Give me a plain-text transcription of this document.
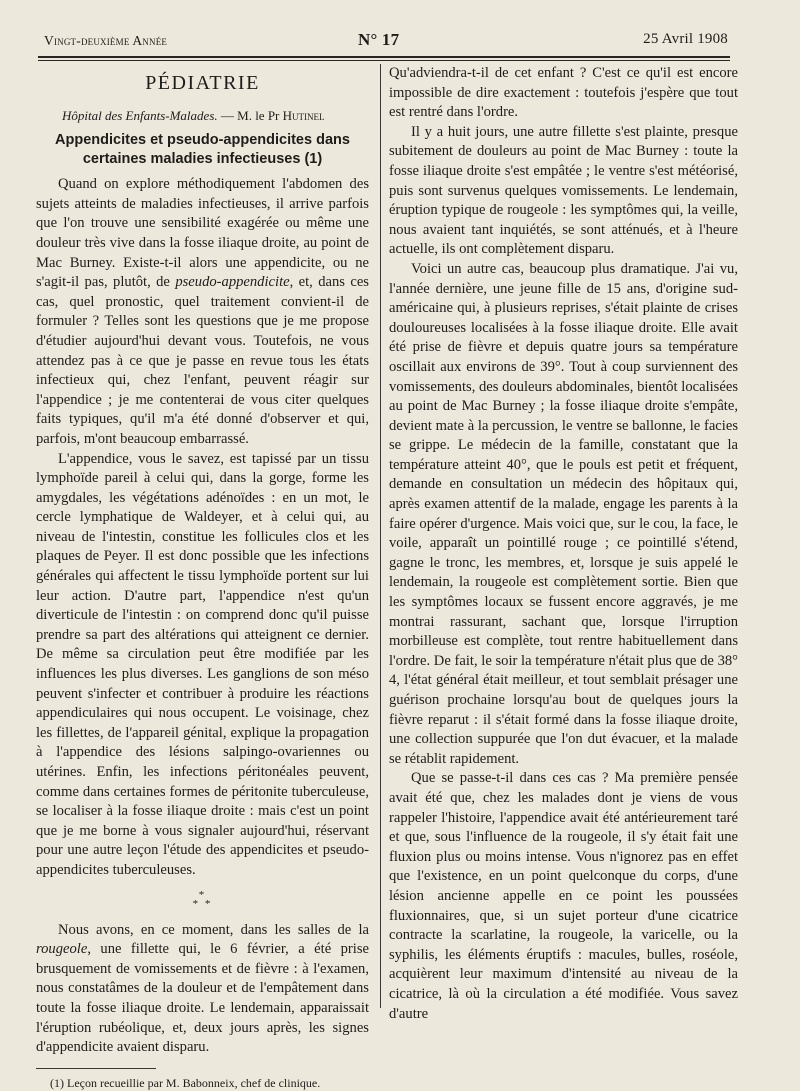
Vingt-deuxième Année	N° 17	25 Avril 1908
PÉDIATRIE
Hôpital des Enfants-Malades. — M. le Pr Hutinel
Appendicites et pseudo-appendicites dans certaines maladies infectieuses (1)

Quand on explore méthodiquement l'abdomen des sujets atteints de maladies infectieuses, il arrive parfois que l'on trouve une sensibilité exagérée ou même une douleur très vive dans la fosse iliaque droite, au point de Mac Burney. Existe-t-il alors une appendicite, ou ne s'agit-il pas, plutôt, de pseudo-appendicite, et, dans ces cas, quel pronostic, quel traitement convient-il de formuler ? Telles sont les questions que je me propose d'étudier aujourd'hui devant vous. Toutefois, ne vous attendez pas à ce que je passe en revue tous les états infectieux qui, chez l'enfant, peuvent réagir sur l'appendice ; je me contenterai de vous citer quelques faits typiques, qu'il m'a été donné d'observer et qui, parfois, m'ont beaucoup embarrassé.

L'appendice, vous le savez, est tapissé par un tissu lymphoïde pareil à celui qui, dans la gorge, forme les amygdales, les végétations adénoïdes : en un mot, le cercle lymphatique de Waldeyer, et à celui qui, au niveau de l'intestin, constitue les follicules clos et les plaques de Peyer. Il est donc possible que les infections générales qui affectent le tissu lymphoïde portent sur lui leur action. D'autre part, l'appendice n'est qu'un diverticule de l'intestin : on comprend donc qu'il puisse prendre sa part des altérations qui atteignent ce dernier. De même sa circulation peut être modifiée par les influences les plus diverses. Les ganglions de son méso peuvent s'infecter et contribuer à produire les réactions appendiculaires qui nous occupent. Le voisinage, chez les fillettes, de l'appareil génital, explique la propagation à l'appendice des lésions salpingo-ovariennes ou utérines. Enfin, les infections péritonéales peuvent, comme dans certaines formes de péritonite tuberculeuse, se localiser à la fosse iliaque droite : mais c'est un point que je me borne à vous signaler aujourd'hui, réservant pour une autre leçon l'étude des appendicites et pseudo-appendicites tuberculeuses.

*
* *

Nous avons, en ce moment, dans les salles de la rougeole, une fillette qui, le 6 février, a été prise brusquement de vomissements et de fièvre : à l'examen, nous constatâmes de la douleur et de l'empâtement dans toute la fosse iliaque droite. Le lendemain, apparaissait l'éruption rubéolique, et, deux jours après, les signes d'appendicite avaient disparu.

(1) Leçon recueillie par M. Babonneix, chef de clinique.

Qu'adviendra-t-il de cet enfant ? C'est ce qu'il est encore impossible de dire exactement : toutefois j'espère que tout est rentré dans l'ordre.

Il y a huit jours, une autre fillette s'est plainte, presque subitement de douleurs au point de Mac Burney : toute la fosse iliaque droite s'est empâtée ; le ventre s'est météorisé, puis sont survenus quelques vomissements. Le lendemain, éruption typique de rougeole : les symptômes qui, la veille, nous avaient tant inquiétés, se sont atténués, et à l'heure actuelle, ils ont complètement disparu.

Voici un autre cas, beaucoup plus dramatique. J'ai vu, l'année dernière, une jeune fille de 15 ans, d'origine sud-américaine qui, à plusieurs reprises, s'était plainte de crises douloureuses localisées à la fosse iliaque droite. Elle avait été prise de fièvre et depuis quatre jours sa température oscillait aux environs de 39°. Tout à coup surviennent des vomissements, des douleurs abdominales, bientôt localisées au point de Mac Burney ; la fosse iliaque droite s'empâte, devient mate à la percussion, le ventre se ballonne, le facies se grippe. Le médecin de la famille, constatant que la température atteint 40°, que le pouls est petit et fréquent, demande en consultation un médecin des hôpitaux qui, après examen attentif de la malade, engage les parents à la faire opérer d'urgence. Mais voici que, sur le cou, la face, le voile, apparaît un pointillé rouge ; ce pointillé s'étend, gagne le tronc, les membres, et, lorsque je suis appelé le lendemain, la rougeole est complètement sortie. Bien que les symptômes locaux se fussent encore aggravés, je me montrai rassurant, sachant que, lorsque l'irruption morbilleuse est complète, tout rentre habituellement dans l'ordre. De fait, le soir la température n'était plus que de 38° 4, l'état général était meilleur, et tout semblait présager une guérison prochaine lorsqu'au bout de quelques jours la fièvre reparut : il s'était formé dans la fosse iliaque droite, une collection suppurée que l'on dut évacuer, et la malade se rétablit rapidement.

Que se passe-t-il dans ces cas ? Ma première pensée avait été que, chez les malades dont je viens de vous rappeler l'histoire, l'appendice avait été antérieurement taré et que, sous l'influence de la rougeole, il s'y était fait une fluxion plus ou moins intense. Vous n'ignorez pas en effet que l'existence, en un point quelconque du corps, d'une lésion ancienne appelle en ce point les poussées fluxionnaires, que, si un sujet porteur d'une cicatrice contracte la scarlatine, la rougeole, la varicelle, ou la syphilis, les éléments éruptifs : macules, bulles, roséole, acquièrent leur maximum d'intensité au niveau de la cicatrice, là où la circulation a été modifiée. Vous savez d'autre
